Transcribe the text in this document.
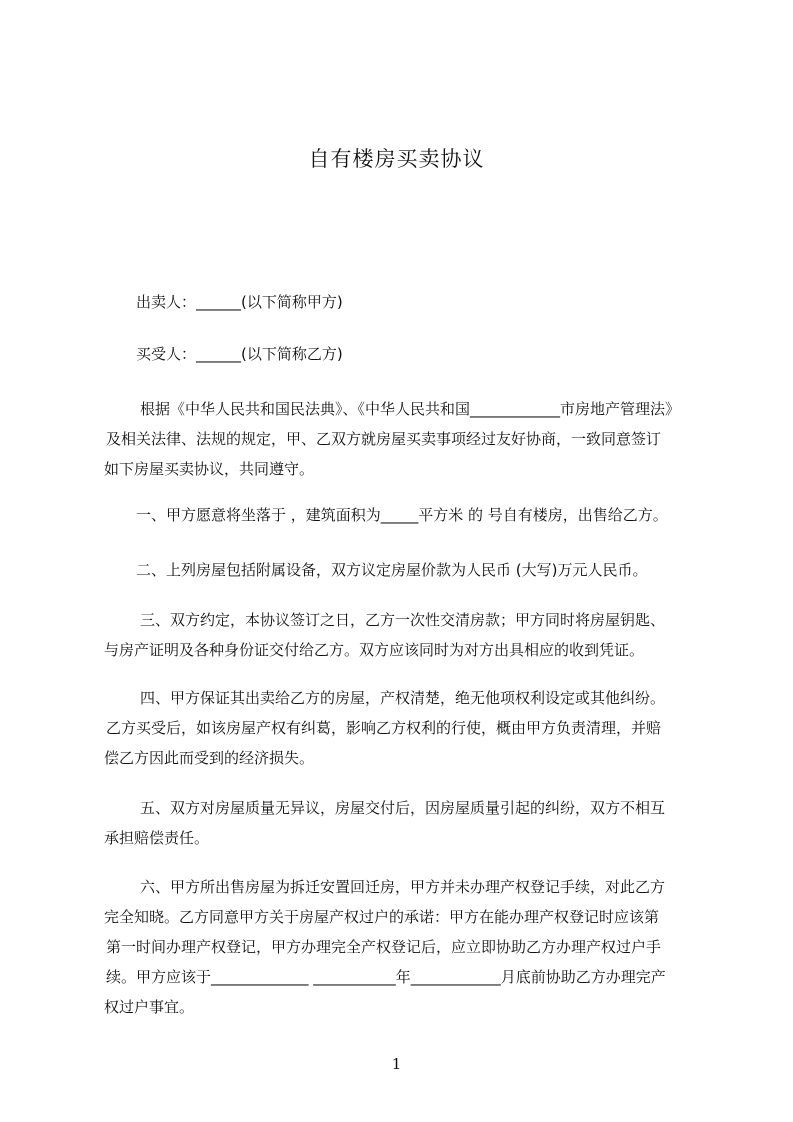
自有楼房买卖协议

出卖人：______(以下简称甲方)

买受人：______(以下简称乙方)

根据《中华人民共和国民法典》、《中华人民共和国____________市房地产管理法》

及相关法律、法规的规定，甲、乙双方就房屋买卖事项经过友好协商，一致同意签订

如下房屋买卖协议，共同遵守。

一、甲方愿意将坐落于 ，建筑面积为_____平方米 的 号自有楼房，出售给乙方。

二、上列房屋包括附属设备，双方议定房屋价款为人民币 (大写)万元人民币。

三、双方约定，本协议签订之日，乙方一次性交清房款；甲方同时将房屋钥匙、

与房产证明及各种身份证交付给乙方。双方应该同时为对方出具相应的收到凭证。

四、甲方保证其出卖给乙方的房屋，产权清楚，绝无他项权利设定或其他纠纷。

乙方买受后，如该房屋产权有纠葛，影响乙方权利的行使，概由甲方负责清理，并赔

偿乙方因此而受到的经济损失。

五、双方对房屋质量无异议，房屋交付后，因房屋质量引起的纠纷，双方不相互

承担赔偿责任。

六、甲方所出售房屋为拆迁安置回迁房，甲方并未办理产权登记手续，对此乙方

完全知晓。乙方同意甲方关于房屋产权过户的承诺：甲方在能办理产权登记时应该第

第一时间办理产权登记，甲方办理完全产权登记后，应立即协助乙方办理产权过户手

续。甲方应该于_____________ ___________年____________月底前协助乙方办理完产

权过户事宜。

1
